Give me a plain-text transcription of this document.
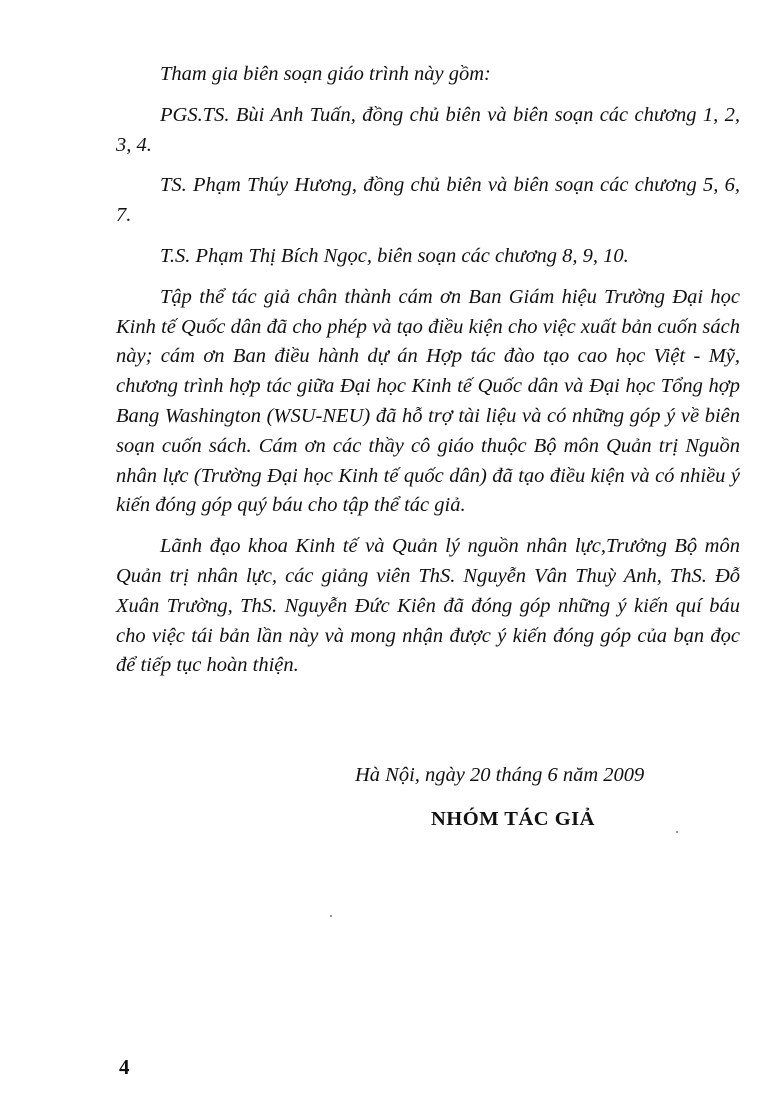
Tham gia biên soạn giáo trình này gồm:

PGS.TS. Bùi Anh Tuấn, đồng chủ biên và biên soạn các chương 1, 2, 3, 4.

TS. Phạm Thúy Hương, đồng chủ biên và biên soạn các chương 5, 6, 7.

T.S. Phạm Thị Bích Ngọc, biên soạn các chương 8, 9, 10.

Tập thể tác giả chân thành cám ơn Ban Giám hiệu Trường Đại học Kinh tế Quốc dân đã cho phép và tạo điều kiện cho việc xuất bản cuốn sách này; cám ơn Ban điều hành dự án Hợp tác đào tạo cao học Việt - Mỹ, chương trình hợp tác giữa Đại học Kinh tế Quốc dân và Đại học Tổng hợp Bang Washington (WSU-NEU) đã hỗ trợ tài liệu và có những góp ý về biên soạn cuốn sách. Cám ơn các thầy cô giáo thuộc Bộ môn Quản trị Nguồn nhân lực (Trường Đại học Kinh tế quốc dân) đã tạo điều kiện và có nhiều ý kiến đóng góp quý báu cho tập thể tác giả.

Lãnh đạo khoa Kinh tế và Quản lý nguồn nhân lực,Trưởng Bộ môn Quản trị nhân lực, các giảng viên ThS. Nguyễn Vân Thuỳ Anh, ThS. Đỗ Xuân Trường, ThS. Nguyễn Đức Kiên đã đóng góp những ý kiến quí báu cho việc tái bản lần này và mong nhận được ý kiến đóng góp của bạn đọc để tiếp tục hoàn thiện.

Hà Nội, ngày 20 tháng 6 năm 2009

NHÓM TÁC GIẢ

4
